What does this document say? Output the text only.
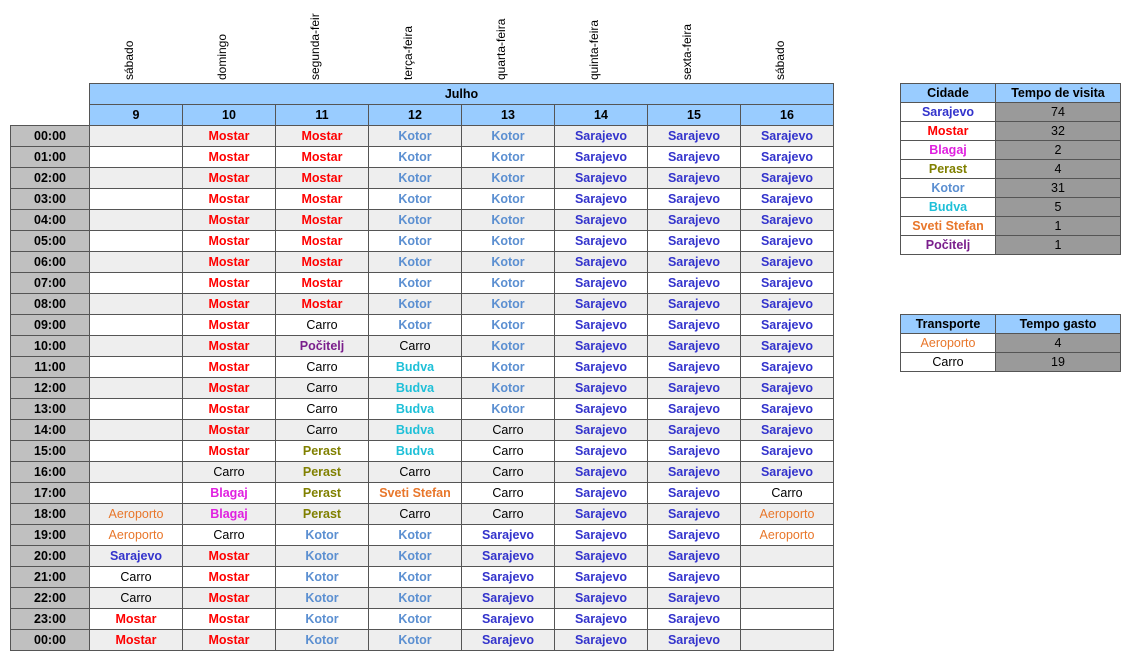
sábado	domingo	segunda-feir	terça-feira	quarta-feira	quinta-feira	sexta-feira	sábado
	Julho							
	9	10	11	12	13	14	15	16
00:00		Mostar	Mostar	Kotor	Kotor	Sarajevo	Sarajevo	Sarajevo
01:00		Mostar	Mostar	Kotor	Kotor	Sarajevo	Sarajevo	Sarajevo
02:00		Mostar	Mostar	Kotor	Kotor	Sarajevo	Sarajevo	Sarajevo
03:00		Mostar	Mostar	Kotor	Kotor	Sarajevo	Sarajevo	Sarajevo
04:00		Mostar	Mostar	Kotor	Kotor	Sarajevo	Sarajevo	Sarajevo
05:00		Mostar	Mostar	Kotor	Kotor	Sarajevo	Sarajevo	Sarajevo
06:00		Mostar	Mostar	Kotor	Kotor	Sarajevo	Sarajevo	Sarajevo
07:00		Mostar	Mostar	Kotor	Kotor	Sarajevo	Sarajevo	Sarajevo
08:00		Mostar	Mostar	Kotor	Kotor	Sarajevo	Sarajevo	Sarajevo
09:00		Mostar	Carro	Kotor	Kotor	Sarajevo	Sarajevo	Sarajevo
10:00		Mostar	Počitelj	Carro	Kotor	Sarajevo	Sarajevo	Sarajevo
11:00		Mostar	Carro	Budva	Kotor	Sarajevo	Sarajevo	Sarajevo
12:00		Mostar	Carro	Budva	Kotor	Sarajevo	Sarajevo	Sarajevo
13:00		Mostar	Carro	Budva	Kotor	Sarajevo	Sarajevo	Sarajevo
14:00		Mostar	Carro	Budva	Carro	Sarajevo	Sarajevo	Sarajevo
15:00		Mostar	Perast	Budva	Carro	Sarajevo	Sarajevo	Sarajevo
16:00		Carro	Perast	Carro	Carro	Sarajevo	Sarajevo	Sarajevo
17:00		Blagaj	Perast	Sveti Stefan	Carro	Sarajevo	Sarajevo	Carro
18:00	Aeroporto	Blagaj	Perast	Carro	Carro	Sarajevo	Sarajevo	Aeroporto
19:00	Aeroporto	Carro	Kotor	Kotor	Sarajevo	Sarajevo	Sarajevo	Aeroporto
20:00	Sarajevo	Mostar	Kotor	Kotor	Sarajevo	Sarajevo	Sarajevo	
21:00	Carro	Mostar	Kotor	Kotor	Sarajevo	Sarajevo	Sarajevo	
22:00	Carro	Mostar	Kotor	Kotor	Sarajevo	Sarajevo	Sarajevo	
23:00	Mostar	Mostar	Kotor	Kotor	Sarajevo	Sarajevo	Sarajevo	
00:00	Mostar	Mostar	Kotor	Kotor	Sarajevo	Sarajevo	Sarajevo	
Cidade	Tempo de visita
Sarajevo	74
Mostar	32
Blagaj	2
Perast	4
Kotor	31
Budva	5
Sveti Stefan	1
Počitelj	1
Transporte	Tempo gasto
Aeroporto	4
Carro	19
